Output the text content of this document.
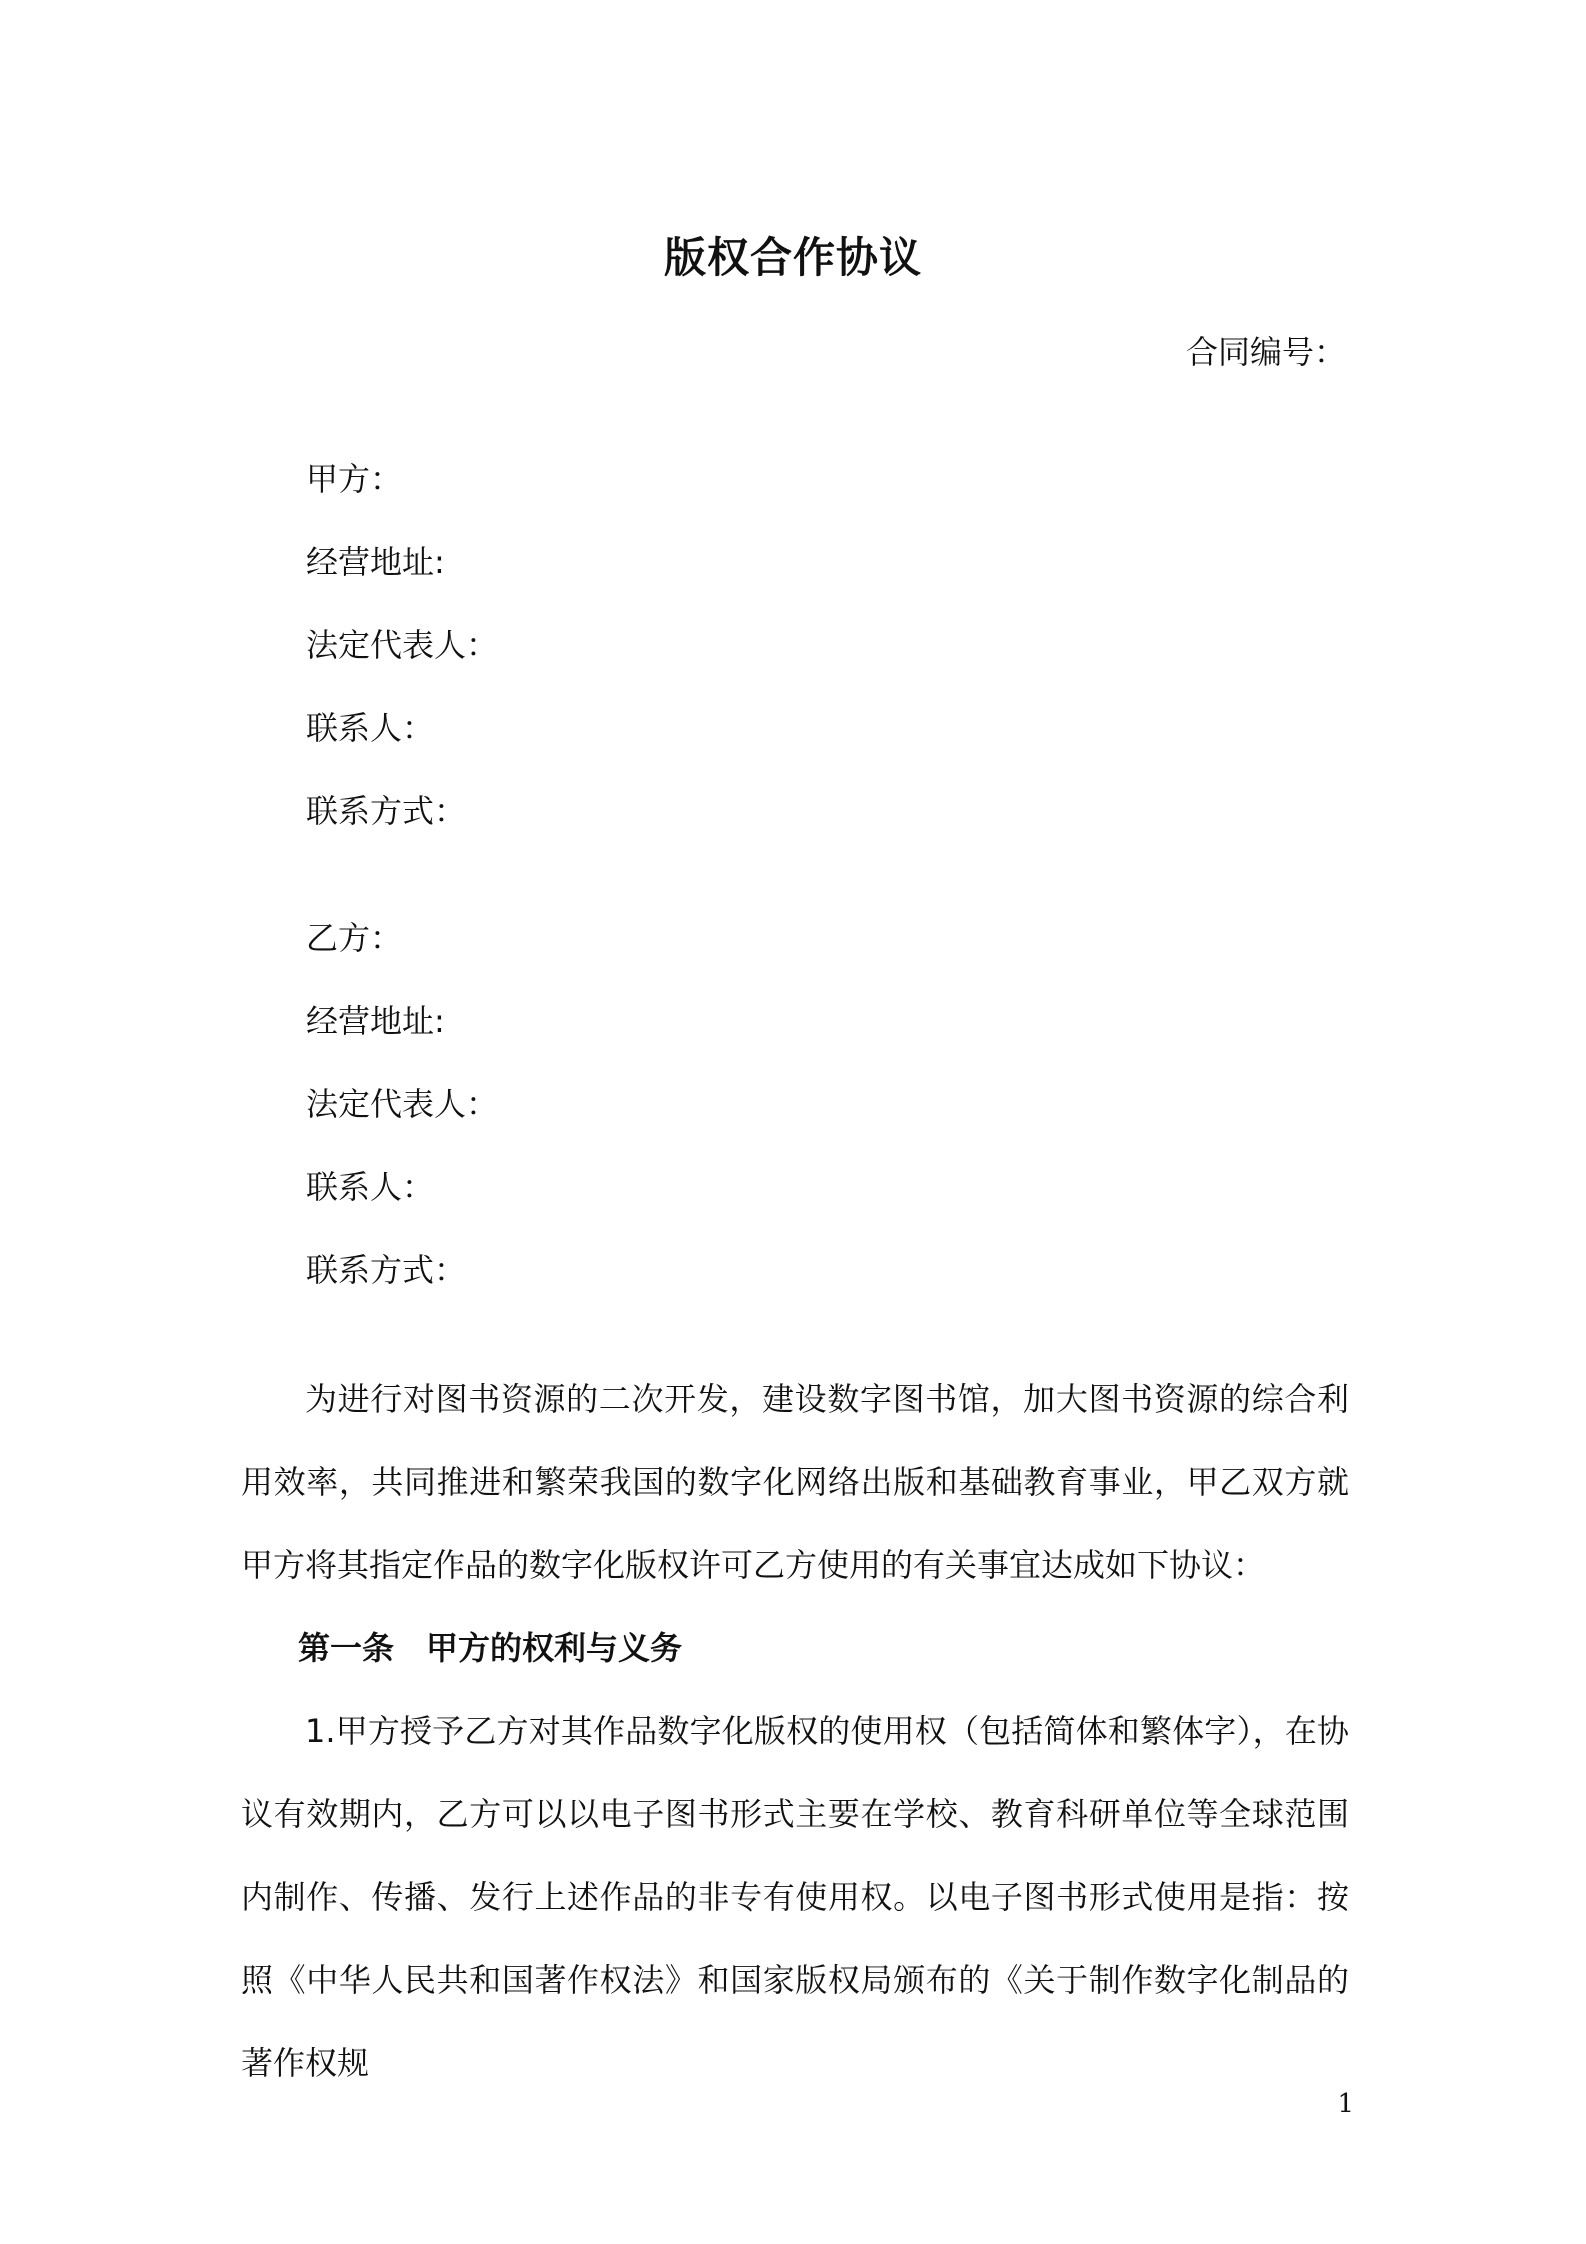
版权合作协议
合同编号：
甲方：
经营地址:
法定代表人：
联系人：
联系方式：
乙方：
经营地址:
法定代表人：
联系人：
联系方式：

为进行对图书资源的二次开发，建设数字图书馆，加大图书资源的综合利用效率，共同推进和繁荣我国的数字化网络出版和基础教育事业，甲乙双方就甲方将其指定作品的数字化版权许可乙方使用的有关事宜达成如下协议：

第一条　甲方的权利与义务

1.甲方授予乙方对其作品数字化版权的使用权（包括简体和繁体字），在协议有效期内，乙方可以以电子图书形式主要在学校、教育科研单位等全球范围内制作、传播、发行上述作品的非专有使用权。以电子图书形式使用是指：按照《中华人民共和国著作权法》和国家版权局颁布的《关于制作数字化制品的著作权规

1
